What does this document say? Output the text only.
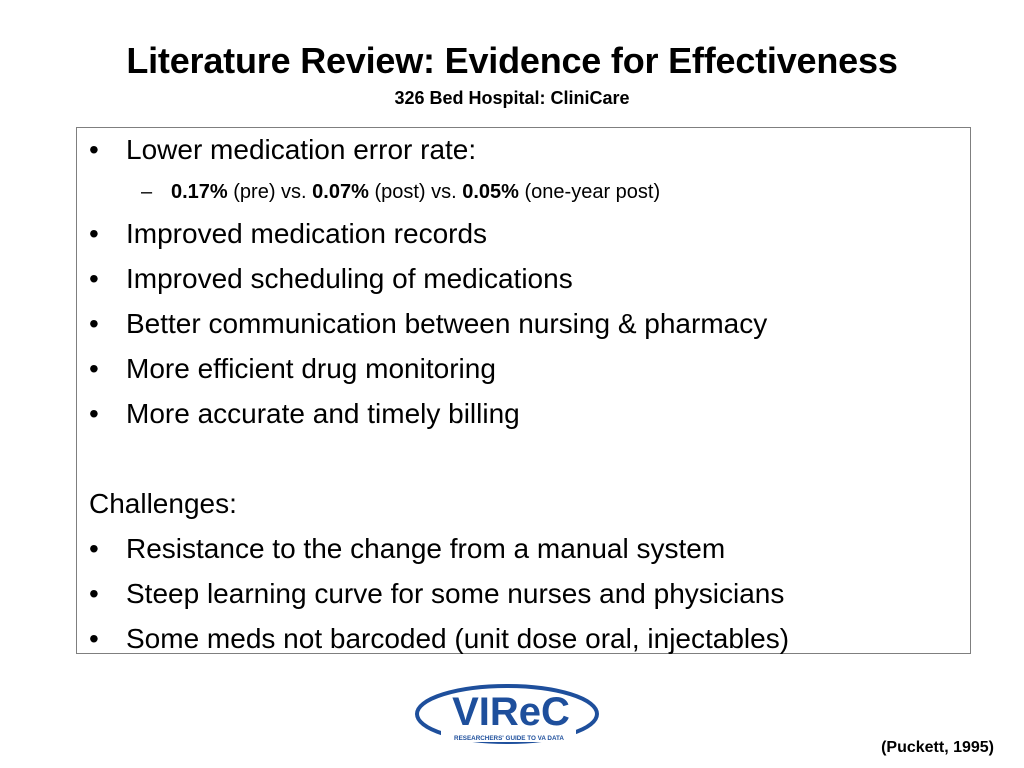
Literature Review: Evidence for Effectiveness
326 Bed Hospital: CliniCare
• Lower medication error rate:
– 0.17% (pre) vs. 0.07% (post) vs. 0.05% (one-year post)
• Improved medication records
• Improved scheduling of medications
• Better communication between nursing & pharmacy
• More efficient drug monitoring
• More accurate and timely billing
Challenges:
• Resistance to the change from a manual system
• Steep learning curve for some nurses and physicians
• Some meds not barcoded (unit dose oral, injectables)
VIReC
RESEARCHERS' GUIDE TO VA DATA
(Puckett, 1995)
